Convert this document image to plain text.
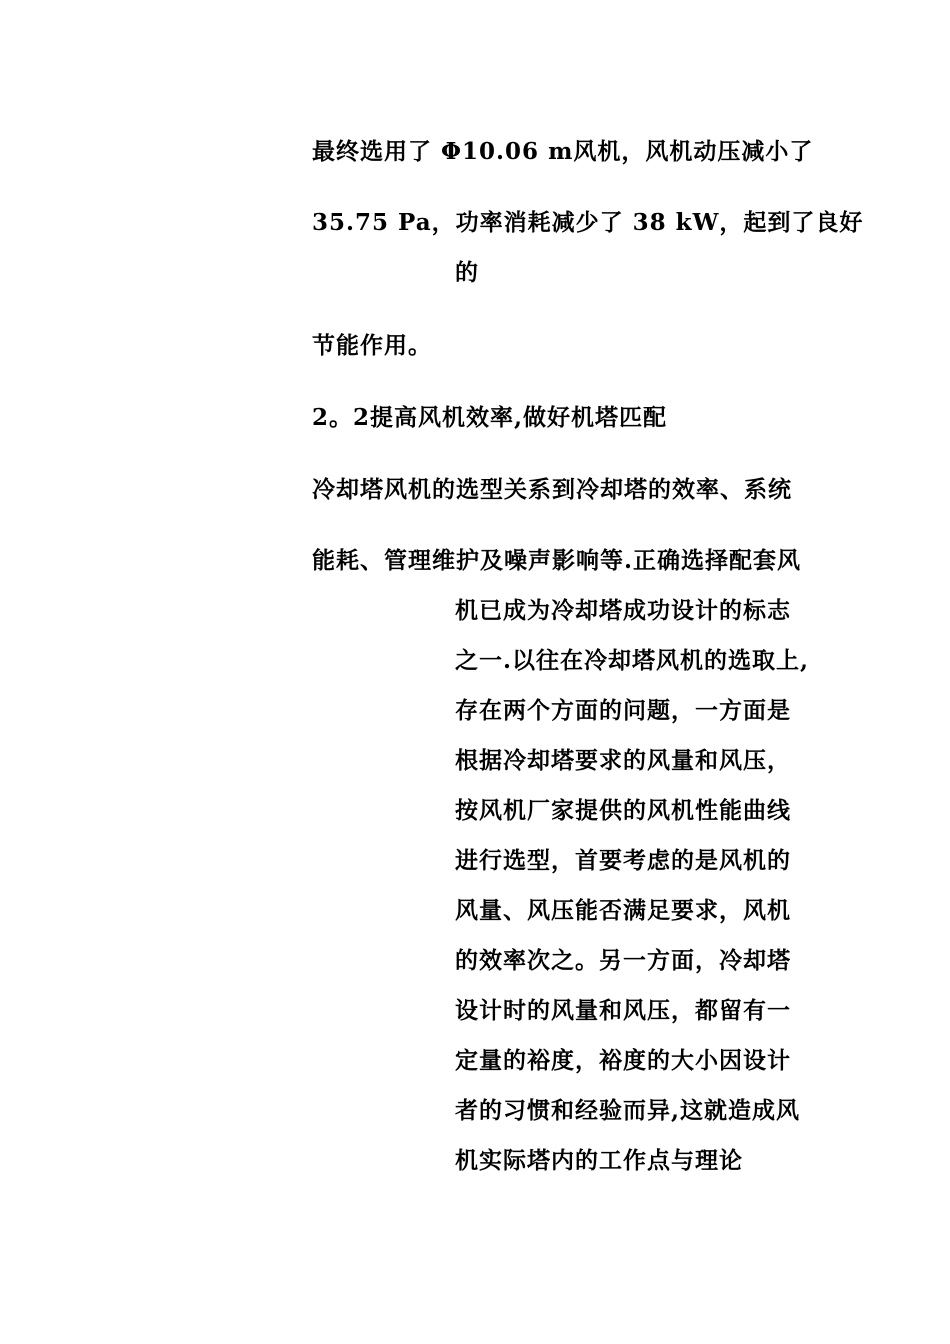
最终选用了 Φ10.06 m风机，风机动压减小了
35.75 Pa，功率消耗减少了 38 kW，起到了良好
的
节能作用。
2。2提高风机效率,做好机塔匹配
冷却塔风机的选型关系到冷却塔的效率、系统
能耗、管理维护及噪声影响等.正确选择配套风
机已成为冷却塔成功设计的标志
之一.以往在冷却塔风机的选取上,
存在两个方面的问题，一方面是
根据冷却塔要求的风量和风压，
按风机厂家提供的风机性能曲线
进行选型，首要考虑的是风机的
风量、风压能否满足要求，风机
的效率次之。另一方面，冷却塔
设计时的风量和风压，都留有一
定量的裕度，裕度的大小因设计
者的习惯和经验而异,这就造成风
机实际塔内的工作点与理论
